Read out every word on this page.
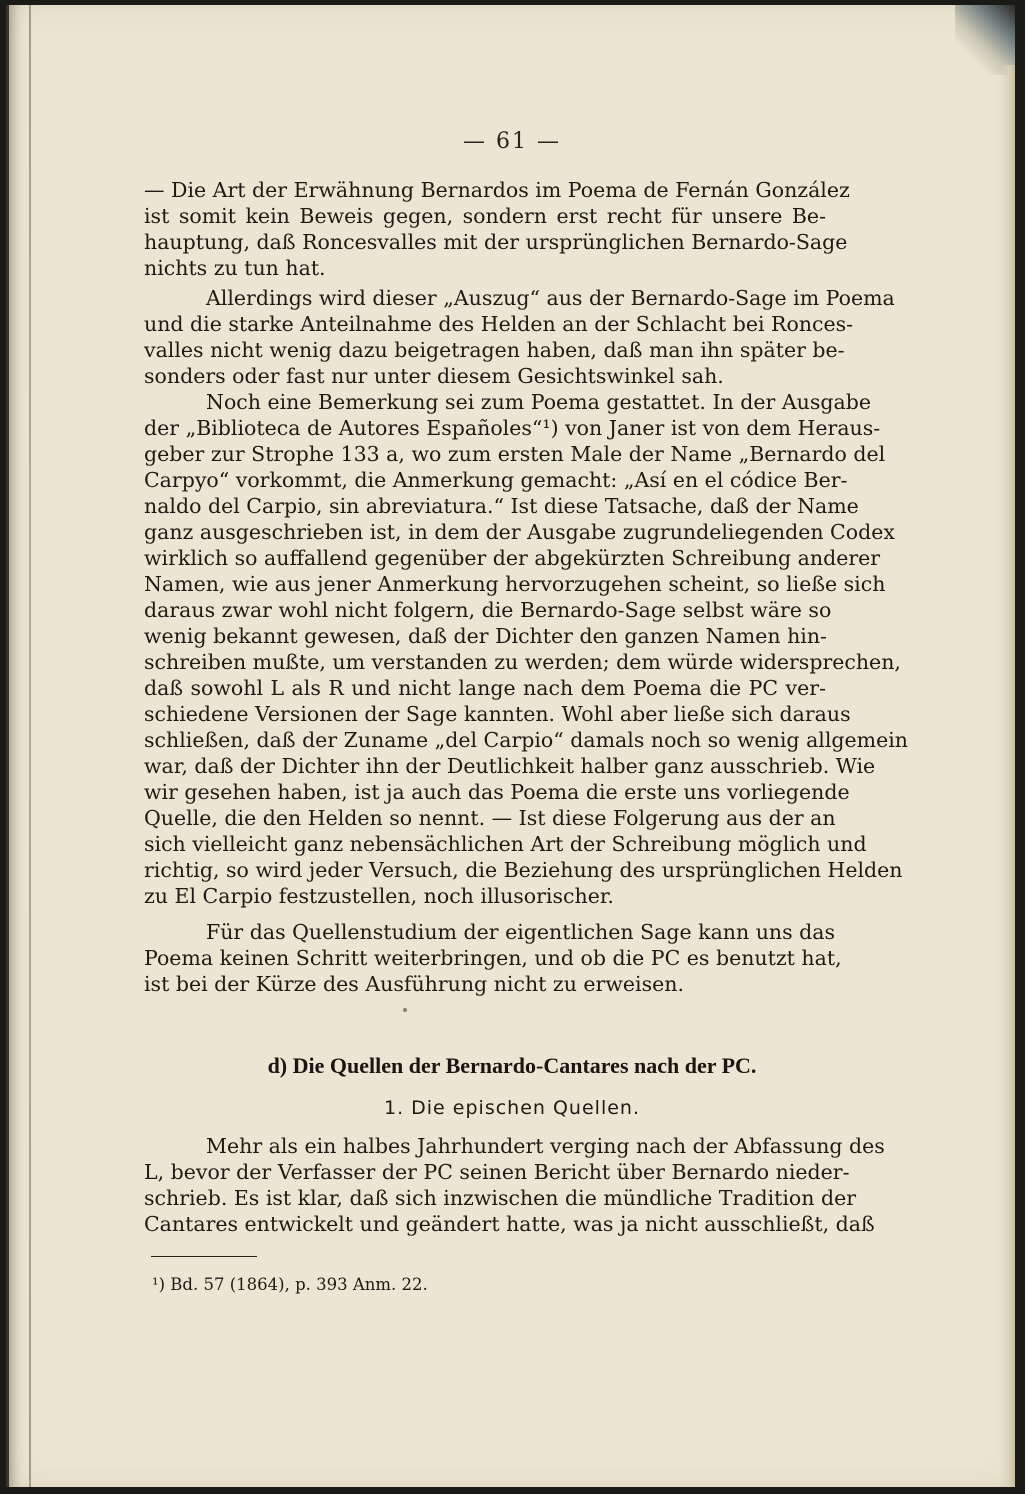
— 61 —
— Die Art der Erwähnung Bernardos im Poema de Fernán González
ist somit kein Beweis gegen, sondern erst recht für unsere Be-
hauptung, daß Roncesvalles mit der ursprünglichen Bernardo-Sage
nichts zu tun hat.
Allerdings wird dieser „Auszug“ aus der Bernardo-Sage im Poema
und die starke Anteilnahme des Helden an der Schlacht bei Ronces-
valles nicht wenig dazu beigetragen haben, daß man ihn später be-
sonders oder fast nur unter diesem Gesichtswinkel sah.
Noch eine Bemerkung sei zum Poema gestattet. In der Ausgabe
der „Biblioteca de Autores Españoles“¹) von Janer ist von dem Heraus-
geber zur Strophe 133 a, wo zum ersten Male der Name „Bernardo del
Carpyo“ vorkommt, die Anmerkung gemacht: „Así en el códice Ber-
naldo del Carpio, sin abreviatura.“ Ist diese Tatsache, daß der Name
ganz ausgeschrieben ist, in dem der Ausgabe zugrundeliegenden Codex
wirklich so auffallend gegenüber der abgekürzten Schreibung anderer
Namen, wie aus jener Anmerkung hervorzugehen scheint, so ließe sich
daraus zwar wohl nicht folgern, die Bernardo-Sage selbst wäre so
wenig bekannt gewesen, daß der Dichter den ganzen Namen hin-
schreiben mußte, um verstanden zu werden; dem würde widersprechen,
daß sowohl L als R und nicht lange nach dem Poema die PC ver-
schiedene Versionen der Sage kannten. Wohl aber ließe sich daraus
schließen, daß der Zuname „del Carpio“ damals noch so wenig allgemein
war, daß der Dichter ihn der Deutlichkeit halber ganz ausschrieb. Wie
wir gesehen haben, ist ja auch das Poema die erste uns vorliegende
Quelle, die den Helden so nennt. — Ist diese Folgerung aus der an
sich vielleicht ganz nebensächlichen Art der Schreibung möglich und
richtig, so wird jeder Versuch, die Beziehung des ursprünglichen Helden
zu El Carpio festzustellen, noch illusorischer.
Für das Quellenstudium der eigentlichen Sage kann uns das
Poema keinen Schritt weiterbringen, und ob die PC es benutzt hat,
ist bei der Kürze des Ausführung nicht zu erweisen.
d) Die Quellen der Bernardo-Cantares nach der PC.
1. Die epischen Quellen.
Mehr als ein halbes Jahrhundert verging nach der Abfassung des
L, bevor der Verfasser der PC seinen Bericht über Bernardo nieder-
schrieb. Es ist klar, daß sich inzwischen die mündliche Tradition der
Cantares entwickelt und geändert hatte, was ja nicht ausschließt, daß
¹) Bd. 57 (1864), p. 393 Anm. 22.
